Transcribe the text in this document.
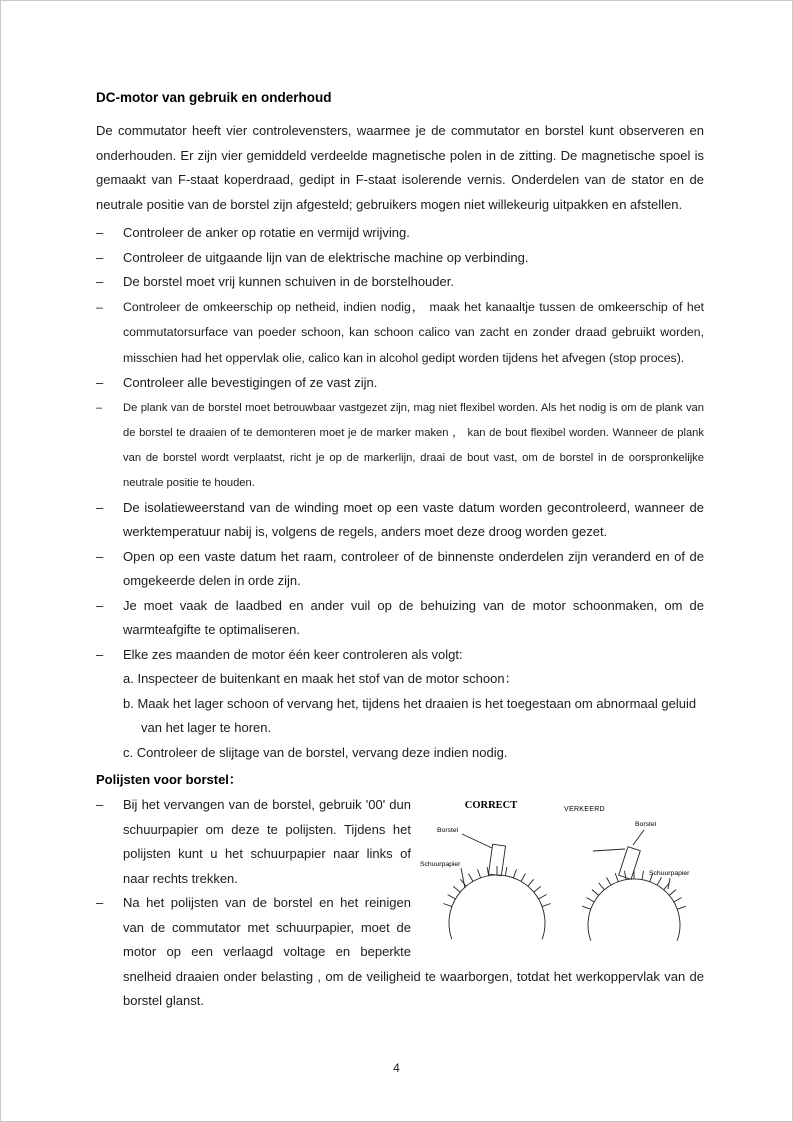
DC-motor van gebruik en onderhoud

De commutator heeft vier controlevensters, waarmee je de commutator en borstel kunt observeren en onderhouden. Er zijn vier gemiddeld verdeelde magnetische polen in de zitting. De magnetische spoel is gemaakt van F-staat koperdraad, gedipt in F-staat isolerende vernis. Onderdelen van de stator en de neutrale positie van de borstel zijn afgesteld; gebruikers mogen niet willekeurig uitpakken en afstellen.

– Controleer de anker op rotatie en vermijd wrijving.
– Controleer de uitgaande lijn van de elektrische machine op verbinding.
– De borstel moet vrij kunnen schuiven in de borstelhouder.
– Controleer de omkeerschip op netheid, indien nodig， maak het kanaaltje tussen de omkeerschip of het commutatorsurface van poeder schoon, kan schoon calico van zacht en zonder draad gebruikt worden, misschien had het oppervlak olie, calico kan in alcohol gedipt worden tijdens het afvegen (stop proces).
– Controleer alle bevestigingen of ze vast zijn.
– De plank van de borstel moet betrouwbaar vastgezet zijn, mag niet flexibel worden. Als het nodig is om de plank van de borstel te draaien of te demonteren moet je de marker maken ， kan de bout flexibel worden. Wanneer de plank van de borstel wordt verplaatst, richt je op de markerlijn, draai de bout vast, om de borstel in de oorspronkelijke neutrale positie te houden.
– De isolatieweerstand van de winding moet op een vaste datum worden gecontroleerd, wanneer de werktemperatuur nabij is, volgens de regels, anders moet deze droog worden gezet.
– Open op een vaste datum het raam, controleer of de binnenste onderdelen zijn veranderd en of de omgekeerde delen in orde zijn.
– Je moet vaak de laadbed en ander vuil op de behuizing van de motor schoonmaken, om de warmteafgifte te optimaliseren.
– Elke zes maanden de motor één keer controleren als volgt:
a. Inspecteer de buitenkant en maak het stof van de motor schoon：
b. Maak het lager schoon of vervang het, tijdens het draaien is het toegestaan om abnormaal geluid van het lager te horen.
c. Controleer de slijtage van de borstel, vervang deze indien nodig.
Polijsten voor borstel：
CORRECT
Borstel
Schuurpapier
VERKEERD
Borstel
Schuurpapier
– Bij het vervangen van de borstel, gebruik '00' dun schuurpapier om deze te polijsten. Tijdens het polijsten kunt u het schuurpapier naar links of naar rechts trekken.
– Na het polijsten van de borstel en het reinigen van de commutator met schuurpapier, moet de motor op een verlaagd voltage en beperkte snelheid draaien onder belasting , om de veiligheid te waarborgen, totdat het werkoppervlak van de borstel glanst.
4
